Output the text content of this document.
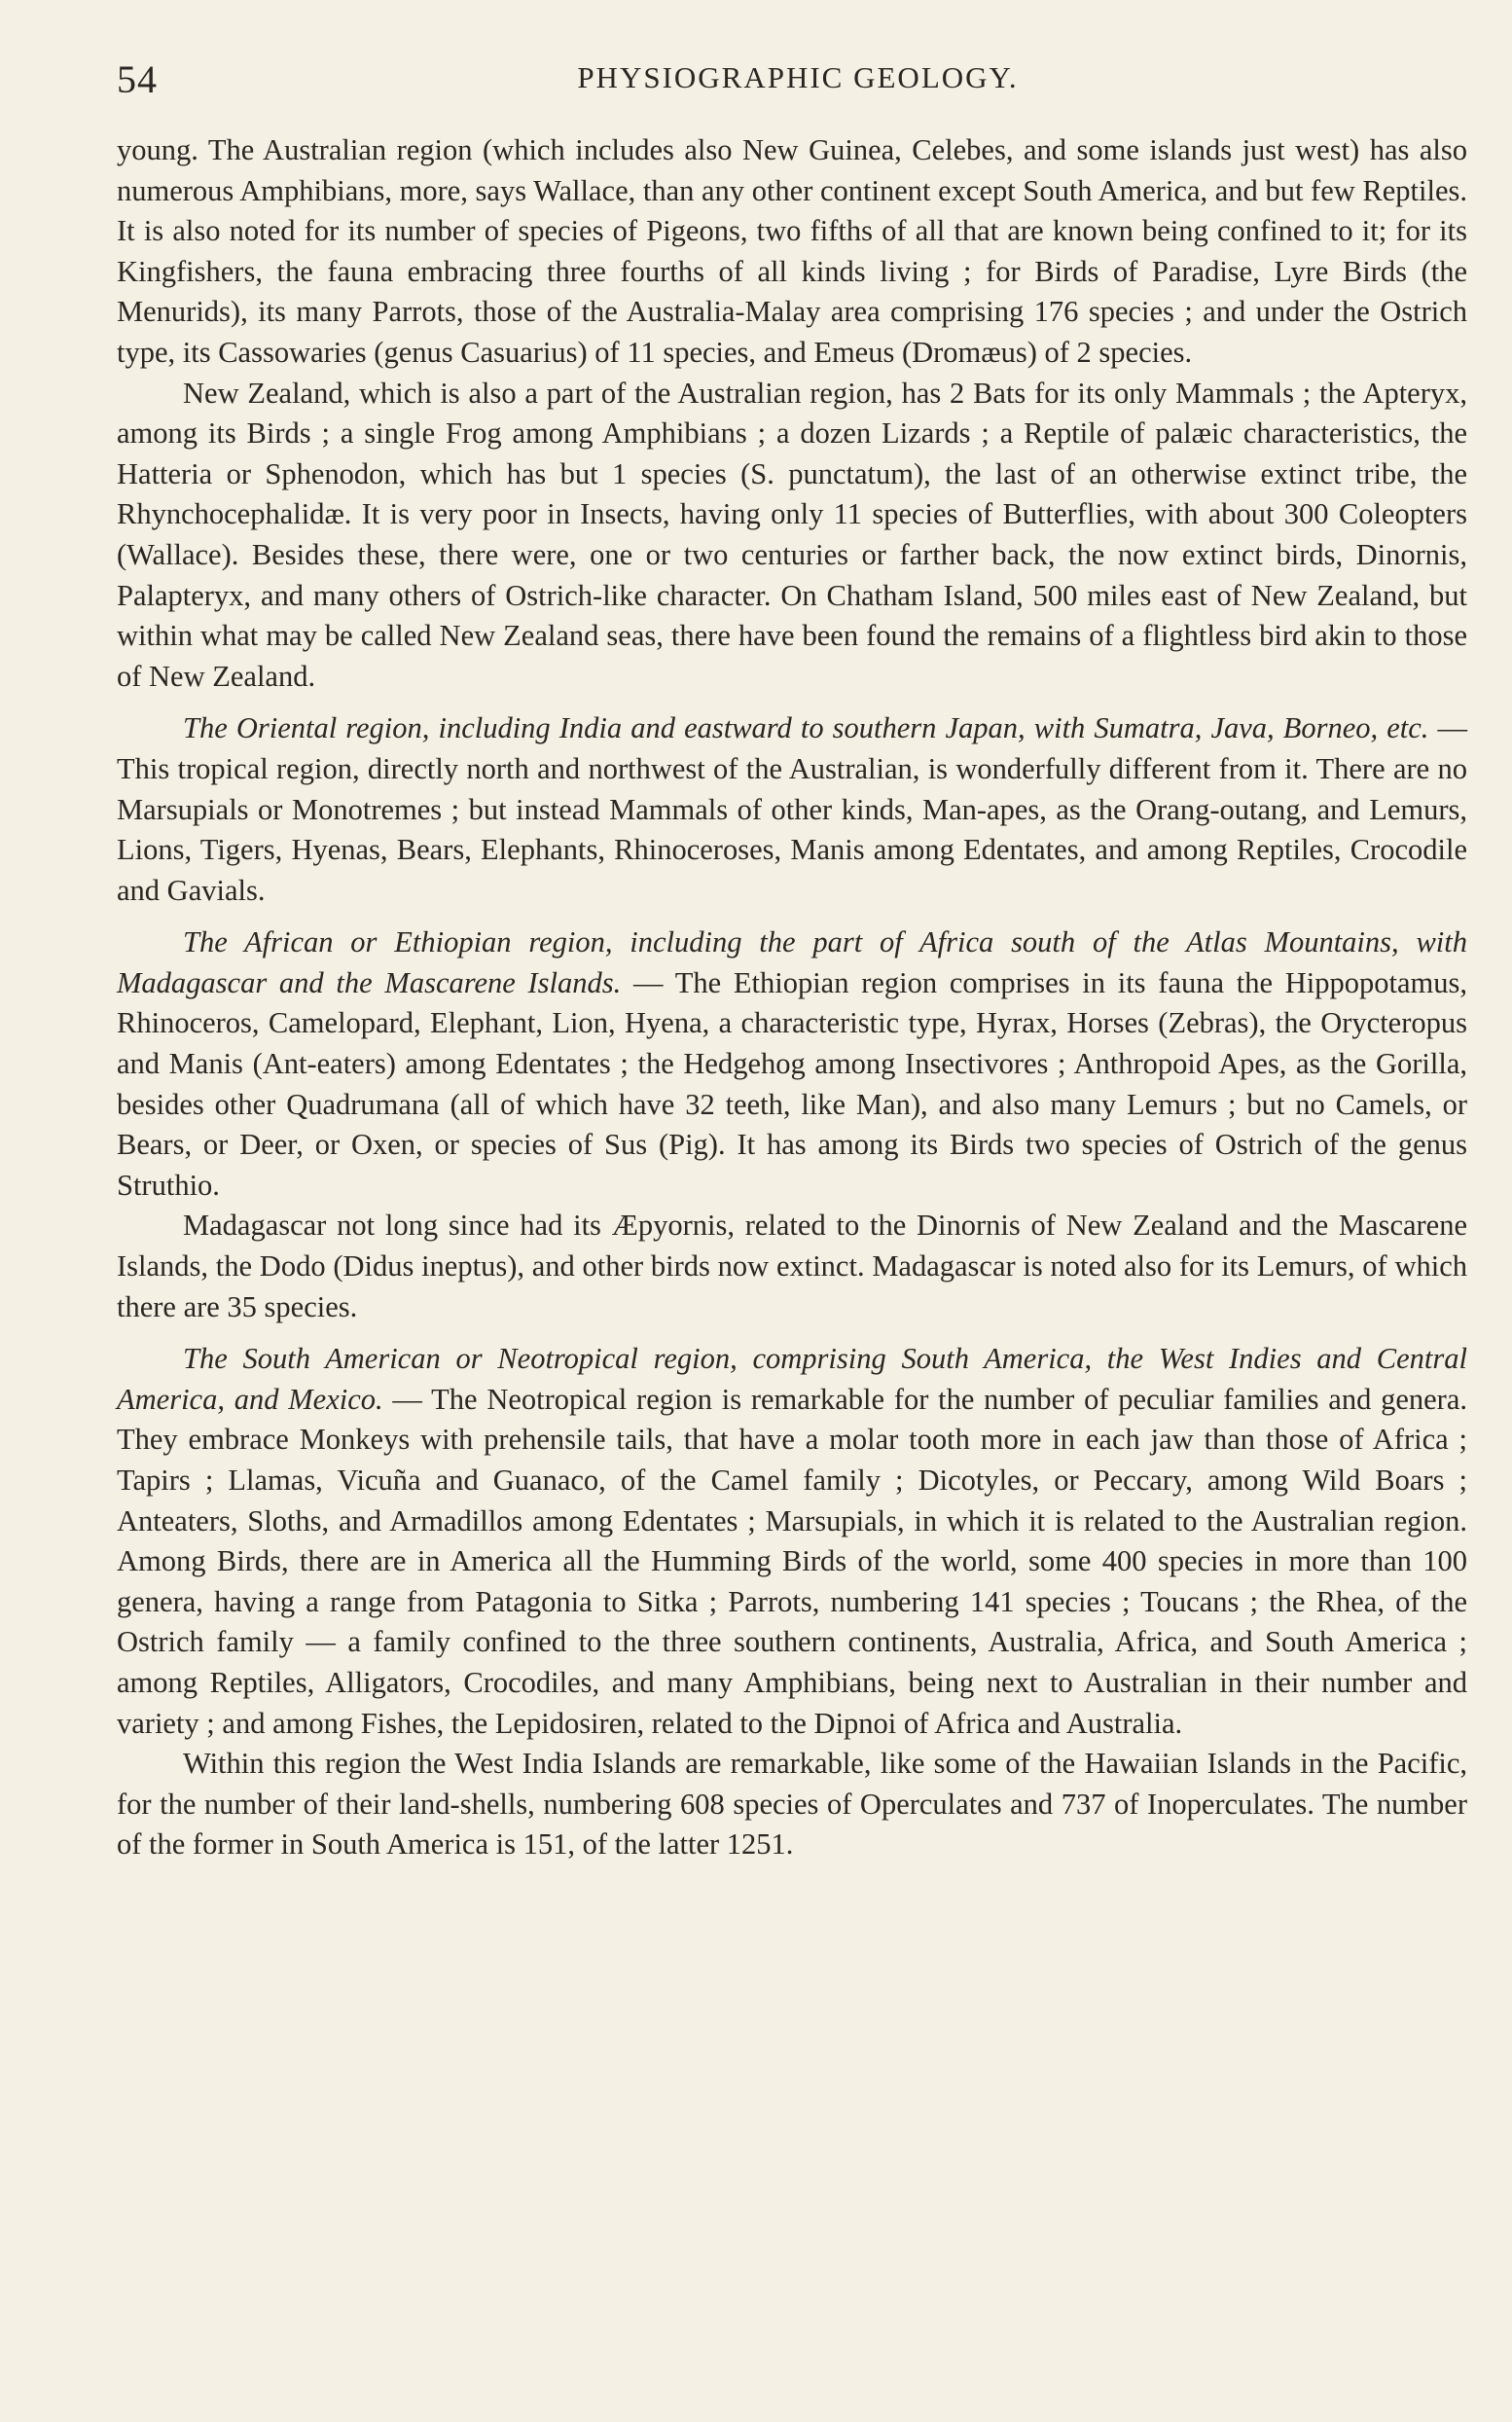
54	PHYSIOGRAPHIC GEOLOGY.

young. The Australian region (which includes also New Guinea, Celebes, and some islands just west) has also numerous Amphibians, more, says Wallace, than any other continent except South America, and but few Reptiles. It is also noted for its number of species of Pigeons, two fifths of all that are known being confined to it; for its Kingfishers, the fauna embracing three fourths of all kinds living ; for Birds of Paradise, Lyre Birds (the Menurids), its many Parrots, those of the Australia-Malay area comprising 176 species ; and under the Ostrich type, its Cassowaries (genus Casuarius) of 11 species, and Emeus (Dromæus) of 2 species.

New Zealand, which is also a part of the Australian region, has 2 Bats for its only Mammals ; the Apteryx, among its Birds ; a single Frog among Amphibians ; a dozen Lizards ; a Reptile of palæic characteristics, the Hatteria or Sphenodon, which has but 1 species (S. punctatum), the last of an otherwise extinct tribe, the Rhynchocephalidæ. It is very poor in Insects, having only 11 species of Butterflies, with about 300 Coleopters (Wallace). Besides these, there were, one or two centuries or farther back, the now extinct birds, Dinornis, Palapteryx, and many others of Ostrich-like character. On Chatham Island, 500 miles east of New Zealand, but within what may be called New Zealand seas, there have been found the remains of a flightless bird akin to those of New Zealand.

The Oriental region, including India and eastward to southern Japan, with Sumatra, Java, Borneo, etc. — This tropical region, directly north and northwest of the Australian, is wonderfully different from it. There are no Marsupials or Monotremes ; but instead Mammals of other kinds, Man-apes, as the Orang-outang, and Lemurs, Lions, Tigers, Hyenas, Bears, Elephants, Rhinoceroses, Manis among Edentates, and among Reptiles, Crocodile and Gavials.

The African or Ethiopian region, including the part of Africa south of the Atlas Mountains, with Madagascar and the Mascarene Islands. — The Ethiopian region comprises in its fauna the Hippopotamus, Rhinoceros, Camelopard, Elephant, Lion, Hyena, a characteristic type, Hyrax, Horses (Zebras), the Orycteropus and Manis (Ant-eaters) among Edentates ; the Hedgehog among Insectivores ; Anthropoid Apes, as the Gorilla, besides other Quadrumana (all of which have 32 teeth, like Man), and also many Lemurs ; but no Camels, or Bears, or Deer, or Oxen, or species of Sus (Pig). It has among its Birds two species of Ostrich of the genus Struthio.

Madagascar not long since had its Æpyornis, related to the Dinornis of New Zealand and the Mascarene Islands, the Dodo (Didus ineptus), and other birds now extinct. Madagascar is noted also for its Lemurs, of which there are 35 species.

The South American or Neotropical region, comprising South America, the West Indies and Central America, and Mexico. — The Neotropical region is remarkable for the number of peculiar families and genera. They embrace Monkeys with prehensile tails, that have a molar tooth more in each jaw than those of Africa ; Tapirs ; Llamas, Vicuña and Guanaco, of the Camel family ; Dicotyles, or Peccary, among Wild Boars ; Anteaters, Sloths, and Armadillos among Edentates ; Marsupials, in which it is related to the Australian region. Among Birds, there are in America all the Humming Birds of the world, some 400 species in more than 100 genera, having a range from Patagonia to Sitka ; Parrots, numbering 141 species ; Toucans ; the Rhea, of the Ostrich family — a family confined to the three southern continents, Australia, Africa, and South America ; among Reptiles, Alligators, Crocodiles, and many Amphibians, being next to Australian in their number and variety ; and among Fishes, the Lepidosiren, related to the Dipnoi of Africa and Australia.

Within this region the West India Islands are remarkable, like some of the Hawaiian Islands in the Pacific, for the number of their land-shells, numbering 608 species of Operculates and 737 of Inoperculates. The number of the former in South America is 151, of the latter 1251.
